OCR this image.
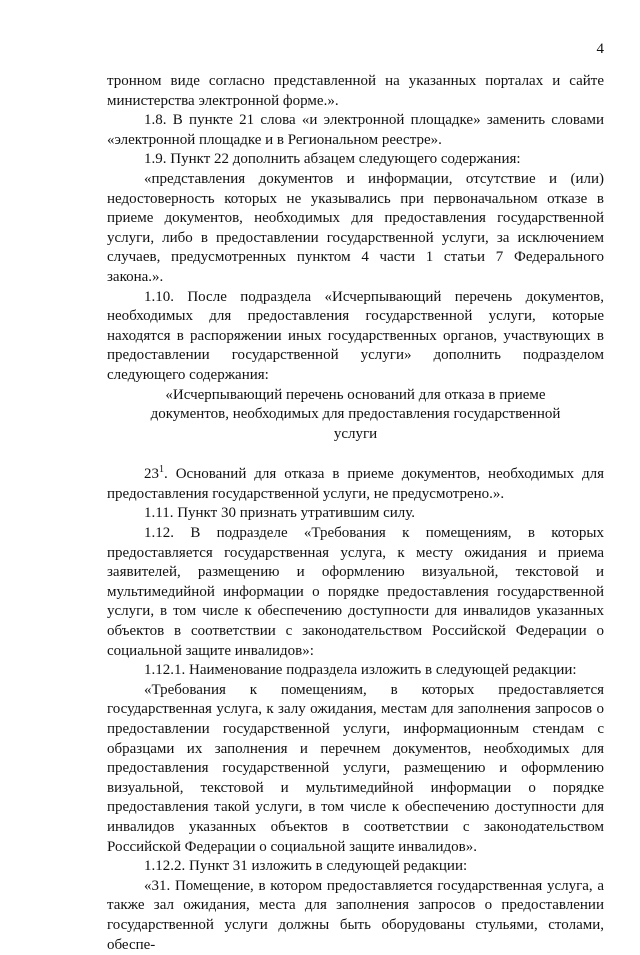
4

тронном виде согласно представленной на указанных порталах и сайте министерства электронной форме.».

1.8. В пункте 21 слова «и электронной площадке» заменить словами «электронной площадке и в Региональном реестре».

1.9. Пункт 22 дополнить абзацем следующего содержания:

«представления документов и информации, отсутствие и (или) недостоверность которых не указывались при первоначальном отказе в приеме документов, необходимых для предоставления государственной услуги, либо в предоставлении государственной услуги, за исключением случаев, предусмотренных пунктом 4 части 1 статьи 7 Федерального закона.».

1.10. После подраздела «Исчерпывающий перечень документов, необходимых для предоставления государственной услуги, которые находятся в распоряжении иных государственных органов, участвующих в предоставлении государственной услуги» дополнить подразделом следующего содержания:

«Исчерпывающий перечень оснований для отказа в приеме
документов, необходимых для предоставления государственной
услуги

$23^1$. Оснований для отказа в приеме документов, необходимых для предоставления государственной услуги, не предусмотрено.».

1.11. Пункт 30 признать утратившим силу.

1.12. В подразделе «Требования к помещениям, в которых предоставляется государственная услуга, к месту ожидания и приема заявителей, размещению и оформлению визуальной, текстовой и мультимедийной информации о порядке предоставления государственной услуги, в том числе к обеспечению доступности для инвалидов указанных объектов в соответствии с законодательством Российской Федерации о социальной защите инвалидов»:

1.12.1. Наименование подраздела изложить в следующей редакции:

«Требования к помещениям, в которых предоставляется государственная услуга, к залу ожидания, местам для заполнения запросов о предоставлении государственной услуги, информационным стендам с образцами их заполнения и перечнем документов, необходимых для предоставления государственной услуги, размещению и оформлению визуальной, текстовой и мультимедийной информации о порядке предоставления такой услуги, в том числе к обеспечению доступности для инвалидов указанных объектов в соответствии с законодательством Российской Федерации о социальной защите инвалидов».

1.12.2. Пункт 31 изложить в следующей редакции:

«31. Помещение, в котором предоставляется государственная услуга, а также зал ожидания, места для заполнения запросов о предоставлении государственной услуги должны быть оборудованы стульями, столами, обеспе-
